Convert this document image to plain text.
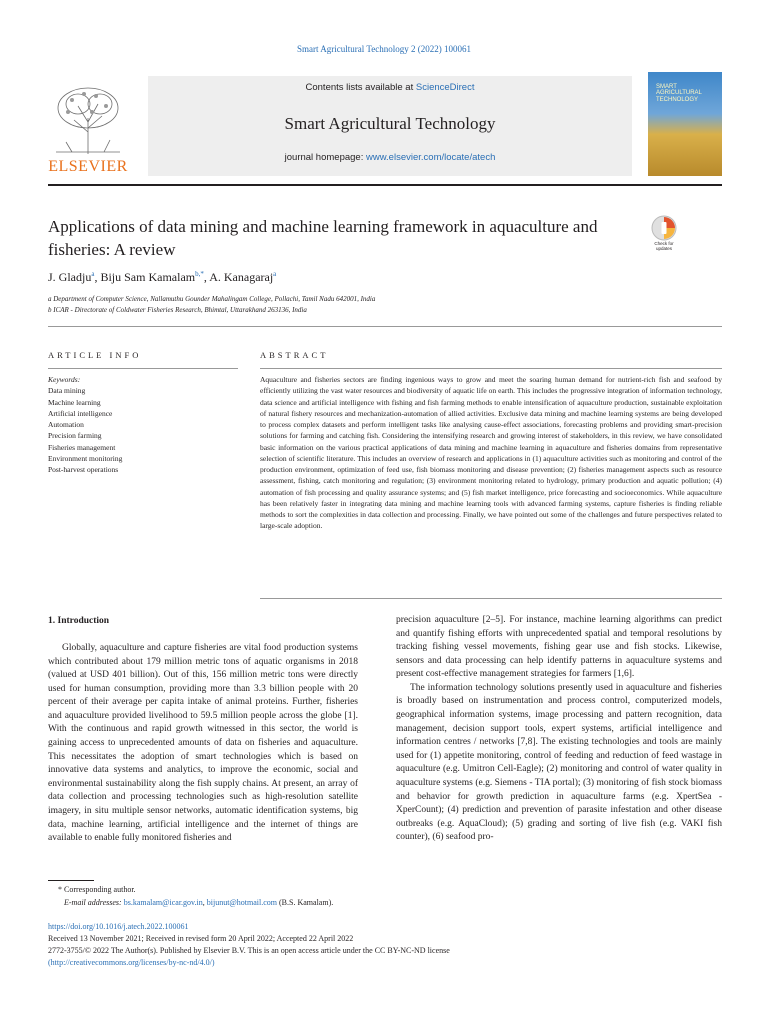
Smart Agricultural Technology 2 (2022) 100061
ELSEVIER
Contents lists available at ScienceDirect
Smart Agricultural Technology
journal homepage: www.elsevier.com/locate/atech
SMART AGRICULTURAL TECHNOLOGY
Applications of data mining and machine learning framework in aquaculture and fisheries: A review	Check for updates
J. Gladju$^a$, Biju Sam Kamalam$^{b,*}$, A. Kanagaraj$^a$
a Department of Computer Science, Nallamuthu Gounder Mahalingam College, Pollachi, Tamil Nadu 642001, India
b ICAR - Directorate of Coldwater Fisheries Research, Bhimtal, Uttarakhand 263136, India
ARTICLE INFO	ABSTRACT
Keywords:
Data mining
Machine learning
Artificial intelligence
Automation
Precision farming
Fisheries management
Environment monitoring
Post-harvest operations
Aquaculture and fisheries sectors are finding ingenious ways to grow and meet the soaring human demand for nutrient-rich fish and seafood by efficiently utilizing the vast water resources and biodiversity of aquatic life on earth. This includes the progressive integration of information technology, data science and artificial intelligence with fishing and fish farming methods to enable intensification of aquaculture production, sustainable exploitation of natural fishery resources and mechanization-automation of allied activities. Exclusive data mining and machine learning systems are being developed to process complex datasets and perform intelligent tasks like analysing cause-effect associations, forecasting problems and providing smart-precision solutions for farming and catching fish. Considering the intensifying research and growing interest of stakeholders, in this review, we have consolidated basic information on the various practical applications of data mining and machine learning in aquaculture and fisheries domains from representative selection of scientific literature. This includes an overview of research and applications in (1) aquaculture activities such as monitoring and control of the production environment, optimization of feed use, fish biomass monitoring and disease prevention; (2) fisheries management aspects such as resource assessment, fishing, catch monitoring and regulation; (3) environment monitoring related to hydrology, primary production and aquatic pollution; (4) automation of fish processing and quality assurance systems; and (5) fish market intelligence, price forecasting and socioeconomics. While aquaculture has been relatively faster in integrating data mining and machine learning tools with advanced farming systems, capture fisheries is finding reliable methods to sort the complexities in data collection and processing. Finally, we have pointed out some of the challenges and future perspectives related to large-scale adoption.
1. Introduction

Globally, aquaculture and capture fisheries are vital food production systems which contributed about 179 million metric tons of aquatic organisms in 2018 (valued at USD 401 billion). Out of this, 156 million metric tons were directly used for human consumption, providing more than 3.3 billion people with 20 percent of their average per capita intake of animal proteins. Further, fisheries and aquaculture provided livelihood to 59.5 million people across the globe [1]. With the continuous and rapid growth witnessed in this sector, the world is gaining access to unprecedented amounts of data on fisheries and aquaculture. This necessitates the adoption of smart technologies which is based on innovative data systems and analytics, to improve the economic, social and environmental sustainability along the fish supply chains. At present, an array of data collection and processing technologies such as high-resolution satellite imagery, in situ multiple sensor networks, automatic identification systems, big data, machine learning, artificial intelligence and the internet of things are available to enable fully monitored fisheries and

precision aquaculture [2–5]. For instance, machine learning algorithms can predict and quantify fishing efforts with unprecedented spatial and temporal resolutions by tracking fishing vessel movements, fishing gear use and fish stocks. Likewise, sensors and data processing can help identify patterns in aquaculture systems and present cost-effective management strategies for farmers [1,6].

The information technology solutions presently used in aquaculture and fisheries is broadly based on instrumentation and process control, computerized models, geographical information systems, image processing and pattern recognition, data management, decision support tools, expert systems, artificial intelligence and information centres / networks [7,8]. The existing technologies and tools are mainly used for (1) appetite monitoring, control of feeding and reduction of feed wastage in aquaculture (e.g. Umitron Cell-Eagle); (2) monitoring and control of water quality in aquaculture systems (e.g. Siemens - TIA portal); (3) monitoring of fish stock biomass and behavior for growth prediction in aquaculture farms (e.g. XpertSea - XperCount); (4) prediction and prevention of parasite infestation and other disease outbreaks (e.g. AquaCloud); (5) grading and sorting of live fish (e.g. VAKI fish counter), (6) seafood pro-

* Corresponding author.
E-mail addresses: bs.kamalam@icar.gov.in, bijunut@hotmail.com (B.S. Kamalam).
https://doi.org/10.1016/j.atech.2022.100061
Received 13 November 2021; Received in revised form 20 April 2022; Accepted 22 April 2022
2772-3755/© 2022 The Author(s). Published by Elsevier B.V. This is an open access article under the CC BY-NC-ND license
(http://creativecommons.org/licenses/by-nc-nd/4.0/)
